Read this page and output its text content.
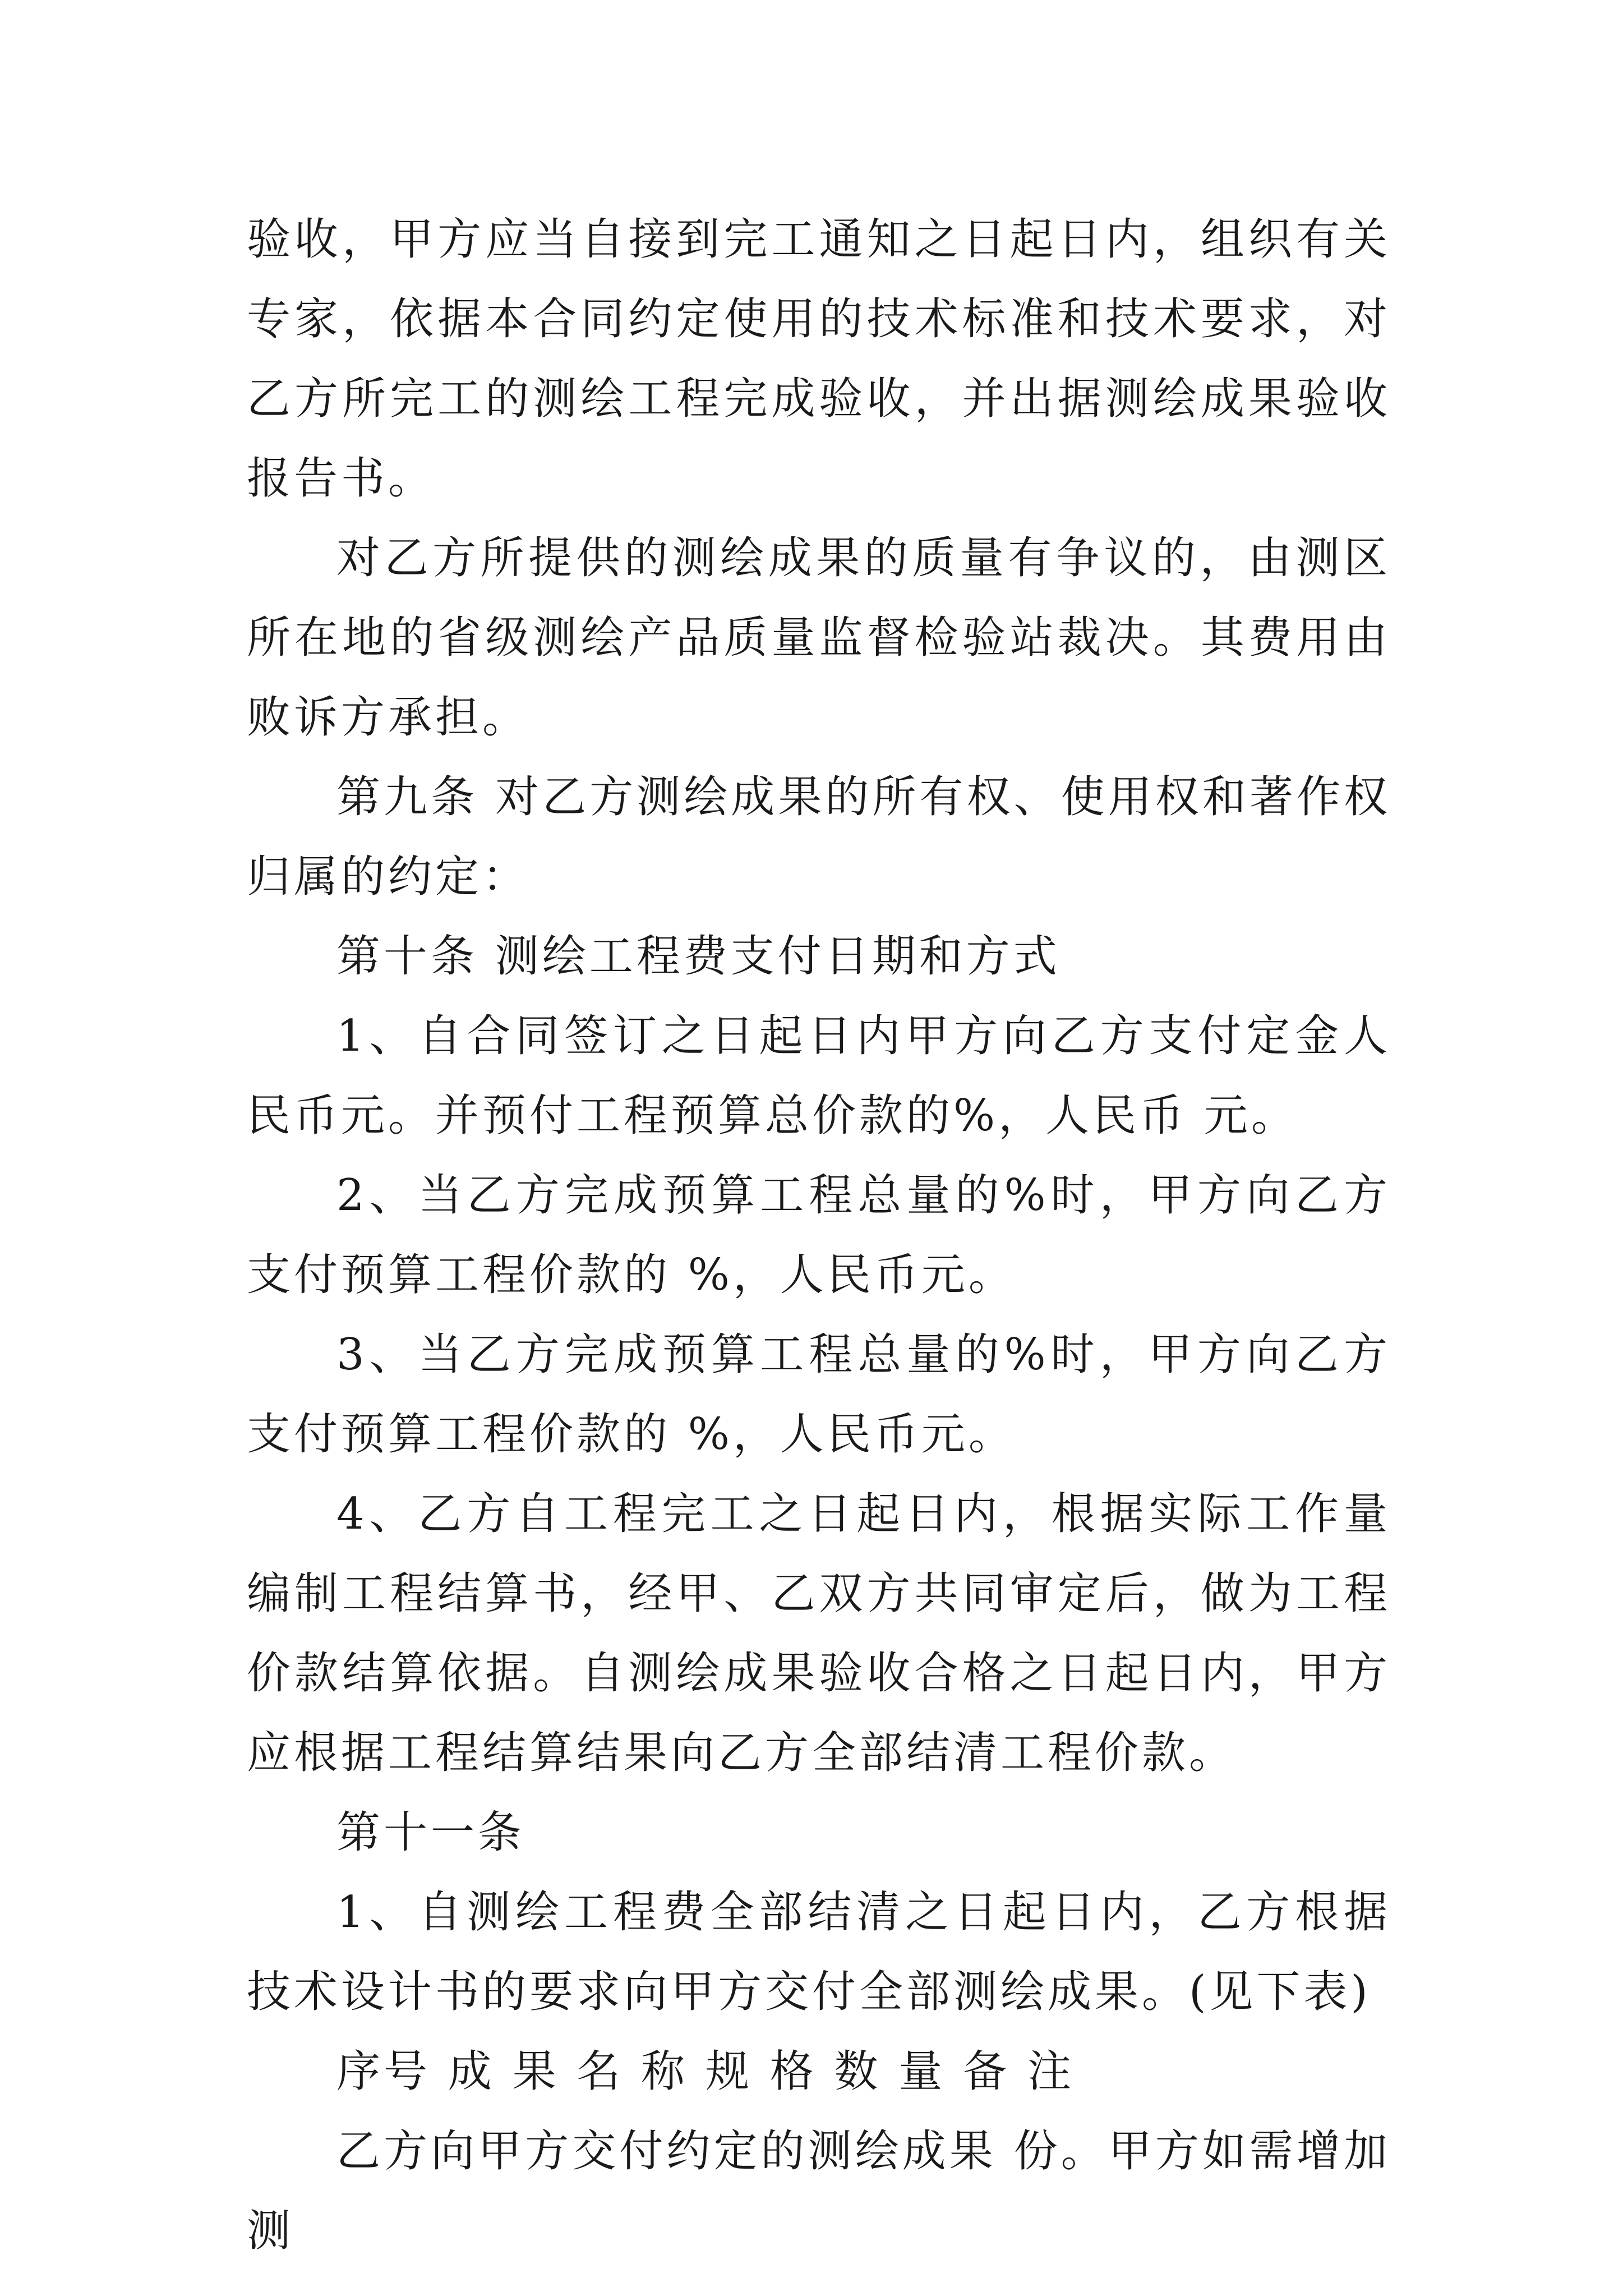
验收，甲方应当自接到完工通知之日起日内，组织有关专家，依据本合同约定使用的技术标准和技术要求，对乙方所完工的测绘工程完成验收，并出据测绘成果验收报告书。

对乙方所提供的测绘成果的质量有争议的，由测区所在地的省级测绘产品质量监督检验站裁决。其费用由败诉方承担。

第九条 对乙方测绘成果的所有权、使用权和著作权归属的约定：

第十条 测绘工程费支付日期和方式

1、自合同签订之日起日内甲方向乙方支付定金人民币元。并预付工程预算总价款的%，人民币 元。

2、当乙方完成预算工程总量的%时，甲方向乙方支付预算工程价款的 %，人民币元。

3、当乙方完成预算工程总量的%时，甲方向乙方支付预算工程价款的 %，人民币元。

4、乙方自工程完工之日起日内，根据实际工作量编制工程结算书，经甲、乙双方共同审定后，做为工程价款结算依据。自测绘成果验收合格之日起日内，甲方应根据工程结算结果向乙方全部结清工程价款。

第十一条

1、自测绘工程费全部结清之日起日内，乙方根据技术设计书的要求向甲方交付全部测绘成果。(见下表)

序号 成 果 名 称 规 格 数 量 备 注

乙方向甲方交付约定的测绘成果 份。甲方如需增加测
